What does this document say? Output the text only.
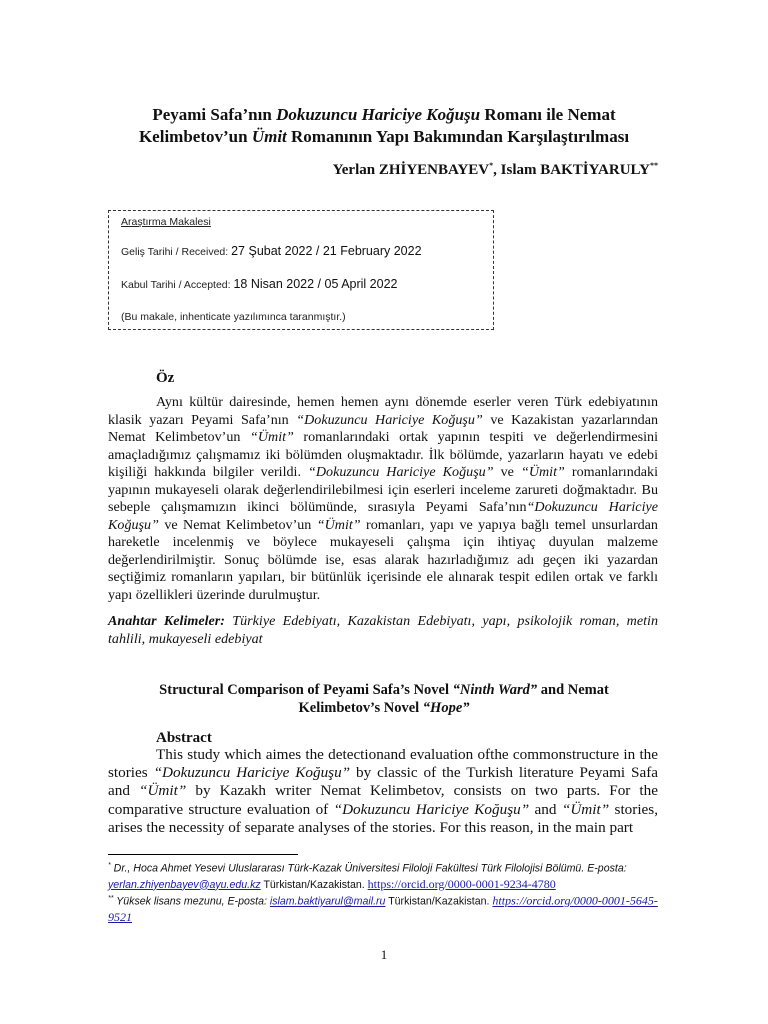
Peyami Safa’nın Dokuzuncu Hariciye Koğuşu Romanı ile Nemat
Kelimbetov’un Ümit Romanının Yapı Bakımından Karşılaştırılması
Yerlan ZHİYENBAYEV*, Islam BAKTİYARULY**
Araştırma Makalesi
Geliş Tarihi / Received: 27 Şubat 2022 / 21 February 2022
Kabul Tarihi / Accepted: 18 Nisan 2022 / 05 April 2022
(Bu makale, inhenticate yazılımınca taranmıştır.)
Öz

Aynı kültür dairesinde, hemen hemen aynı dönemde eserler veren Türk edebiyatının klasik yazarı Peyami Safa’nın “Dokuzuncu Hariciye Koğuşu” ve Kazakistan yazarlarından Nemat Kelimbetov’un “Ümit” romanlarındaki ortak yapının tespiti ve değerlendirmesini amaçladığımız çalışmamız iki bölümden oluşmaktadır. İlk bölümde, yazarların hayatı ve edebi kişiliği hakkında bilgiler verildi. “Dokuzuncu Hariciye Koğuşu” ve “Ümit” romanlarındaki yapının mukayeseli olarak değerlendirilebilmesi için eserleri inceleme zarureti doğmaktadır. Bu sebeple çalışmamızın ikinci bölümünde, sırasıyla Peyami Safa’nın“Dokuzuncu Hariciye Koğuşu” ve Nemat Kelimbetov’un “Ümit” romanları, yapı ve yapıya bağlı temel unsurlardan hareketle incelenmiş ve böylece mukayeseli çalışma için ihtiyaç duyulan malzeme değerlendirilmiştir. Sonuç bölümde ise, esas alarak hazırladığımız adı geçen iki yazardan seçtiğimiz romanların yapıları, bir bütünlük içerisinde ele alınarak tespit edilen ortak ve farklı yapı özellikleri üzerinde durulmuştur.

Anahtar Kelimeler: Türkiye Edebiyatı, Kazakistan Edebiyatı, yapı, psikolojik roman, metin tahlili, mukayeseli edebiyat

Structural Comparison of Peyami Safa’s Novel “Ninth Ward” and Nemat
Kelimbetov’s Novel “Hope”
Abstract

This study which aimes the detectionand evaluation ofthe commonstructure in the stories “Dokuzuncu Hariciye Koğuşu” by classic of the Turkish literature Peyami Safa and “Ümit” by Kazakh writer Nemat Kelimbetov, consists on two parts. For the comparative structure evaluation of “Dokuzuncu Hariciye Koğuşu” and “Ümit” stories, arises the necessity of separate analyses of the stories. For this reason, in the main part

* Dr., Hoca Ahmet Yesevi Uluslararası Türk-Kazak Üniversitesi Filoloji Fakültesi Türk Filolojisi Bölümü. E-posta: yerlan.zhiyenbayev@ayu.edu.kz Türkistan/Kazakistan. https://orcid.org/0000-0001-9234-4780

** Yüksek lisans mezunu, E-posta: islam.baktiyarul@mail.ru Türkistan/Kazakistan. https://orcid.org/0000-0001-5645-9521

1
